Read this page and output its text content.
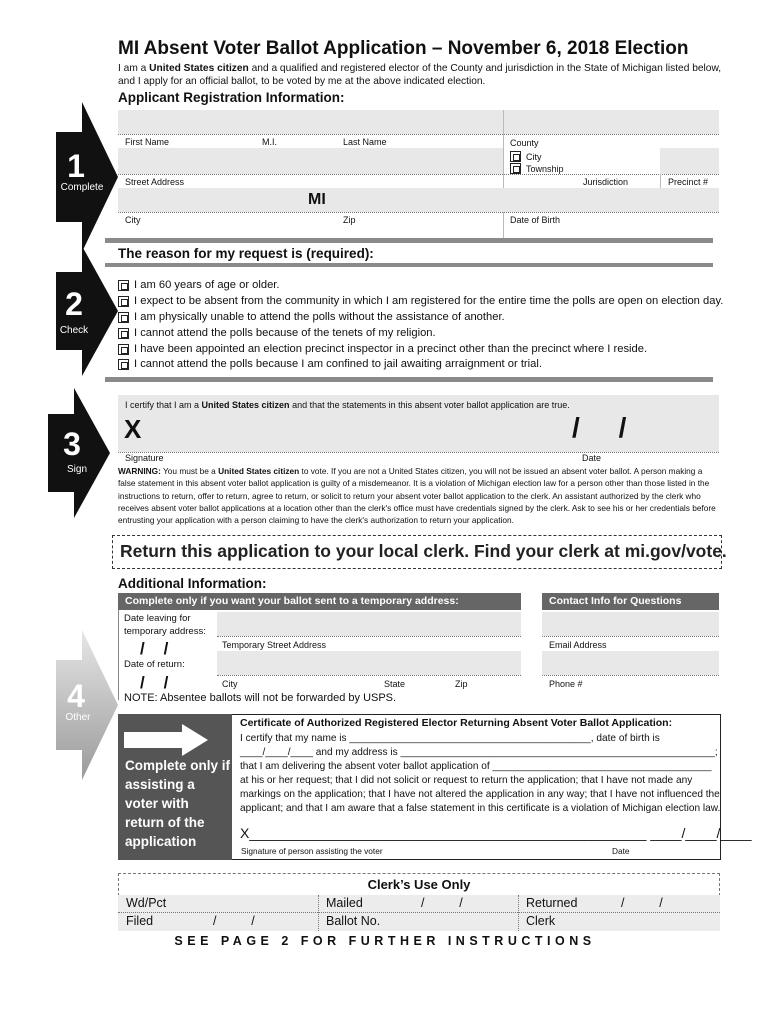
MI Absent Voter Ballot Application – November 6, 2018 Election
I am a United States citizen and a qualified and registered elector of the County and jurisdiction in the State of Michigan listed below, and I apply for an official ballot, to be voted by me at the above indicated election.
1
Complete
2
Check
3
Sign
4
Other
Applicant Registration Information:
First Name	M.I.	Last Name	County
City
Township
Street Address	Jurisdiction	Precinct #
MI
City	Zip	Date of Birth
The reason for my request is (required):
I am 60 years of age or older.
I expect to be absent from the community in which I am registered for the entire time the polls are open on election day.
I am physically unable to attend the polls without the assistance of another.
I cannot attend the polls because of the tenets of my religion.
I have been appointed an election precinct inspector in a precinct other than the precinct where I reside.
I cannot attend the polls because I am confined to jail awaiting arraignment or trial.
I certify that I am a United States citizen and that the statements in this absent voter ballot application are true.
X	/     /
Signature	Date
WARNING: You must be a United States citizen to vote. If you are not a United States citizen, you will not be issued an absent voter ballot. A person making a false statement in this absent voter ballot application is guilty of a misdemeanor. It is a violation of Michigan election law for a person other than those listed in the instructions to return, offer to return, agree to return, or solicit to return your absent voter ballot application to the clerk. An assistant authorized by the clerk who receives absent voter ballot applications at a location other than the clerk's office must have credentials signed by the clerk. Ask to see his or her credentials before entrusting your application with a person claiming to have the clerk's authorization to return your application.
Return this application to your local clerk. Find your clerk at mi.gov/vote.
Additional Information:
Complete only if you want your ballot sent to a temporary address:	Contact Info for Questions
Date leaving for temporary address:
/    /
Date of return:
/    /
Temporary Street Address
City	State	Zip
Email Address
Phone #
NOTE: Absentee ballots will not be forwarded by USPS.
Complete only if assisting a voter with return of the application
Certificate of Authorized Registered Elector Returning Absent Voter Ballot Application:
I certify that my name is ___________________________________________, date of birth is
____/____/____ and my address is ________________________________________________________;
that I am delivering the absent voter ballot application of _______________________________________
at his or her request; that I did not solicit or request to return the application; that I have not made any
markings on the application; that I have not altered the application in any way; that I have not influenced the
applicant; and that I am aware that a false statement in this certificate is a violation of Michigan election law.
X___________________________________________________ ____/____/____
Signature of person assisting the voter	Date
Clerk’s Use Only
Wd/Pct	Mailed	/          /	Returned	/          /
Filed	/          /	Ballot No.	Clerk
SEE PAGE 2 FOR FURTHER INSTRUCTIONS
